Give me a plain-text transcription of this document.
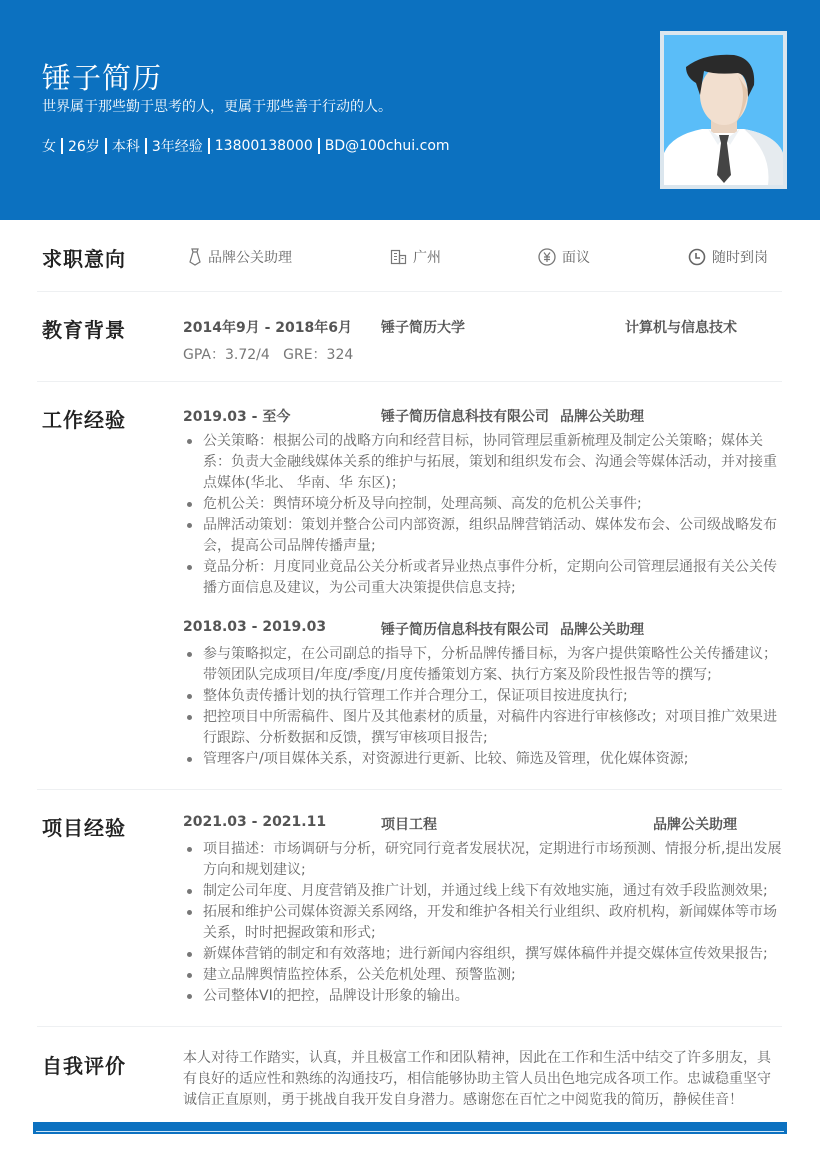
锤子简历
世界属于那些勤于思考的人，更属于那些善于行动的人。
女 26岁 本科 3年经验 13800138000 BD@100chui.com
求职意向	品牌公关助理	广州	面议	随时到岗
教育背景	2014年9月 - 2018年6月 锤子简历大学	计算机与信息技术
GPA：3.72/4   GRE：324
工作经验	2019.03 - 至今	锤子简历信息科技有限公司 品牌公关助理
公关策略：根据公司的战略方向和经营目标，协同管理层重新梳理及制定公关策略；媒体关系：负责大金融线媒体关系的维护与拓展，策划和组织发布会、沟通会等媒体活动，并对接重点媒体(华北、 华南、华 东区)；
危机公关：舆情环境分析及导向控制，处理高频、高发的危机公关事件;
品牌活动策划：策划并整合公司内部资源，组织品牌营销活动、媒体发布会、公司级战略发布会，提高公司品牌传播声量;
竟品分析：月度同业竟品公关分析或者异业热点事件分析，定期向公司管理层通报有关公关传播方面信息及建议，为公司重大决策提供信息支持;
2018.03 - 2019.03	锤子简历信息科技有限公司 品牌公关助理
参与策略拟定，在公司副总的指导下，分析品牌传播目标，为客户提供策略性公关传播建议；带领团队完成项目/年度/季度/月度传播策划方案、执行方案及阶段性报告等的撰写;
整体负责传播计划的执行管理工作并合理分工，保证项目按进度执行;
把控项目中所需稿件、图片及其他素材的质量，对稿件内容进行审核修改；对项目推广效果进行跟踪、分析数据和反馈，撰写审核项目报告;
管理客户/项目媒体关系，对资源进行更新、比较、筛选及管理，优化媒体资源;
项目经验	2021.03 - 2021.11	项目工程	品牌公关助理
项目描述：市场调研与分析，研究同行竟者发展状况，定期进行市场预测、情报分析,提出发展方向和规划建议;
制定公司年度、月度营销及推广计划，并通过线上线下有效地实施，通过有效手段监测效果;
拓展和维护公司媒体资源关系网络，开发和维护各相关行业组织、政府机构，新闻媒体等市场关系，时时把握政策和形式;
新媒体营销的制定和有效落地；进行新闻内容组织，撰写媒体稿件并提交媒体宣传效果报告;
建立品牌舆情监控体系，公关危机处理、预警监测;
公司整体VI的把控，品牌设计形象的输出。
自我评价	本人对待工作踏实，认真，并且极富工作和团队精神，因此在工作和生活中结交了许多朋友，具有良好的适应性和熟练的沟通技巧，相信能够协助主管人员出色地完成各项工作。忠诚稳重坚守诚信正直原则，勇于挑战自我开发自身潜力。感谢您在百忙之中阅览我的简历，静候佳音！
